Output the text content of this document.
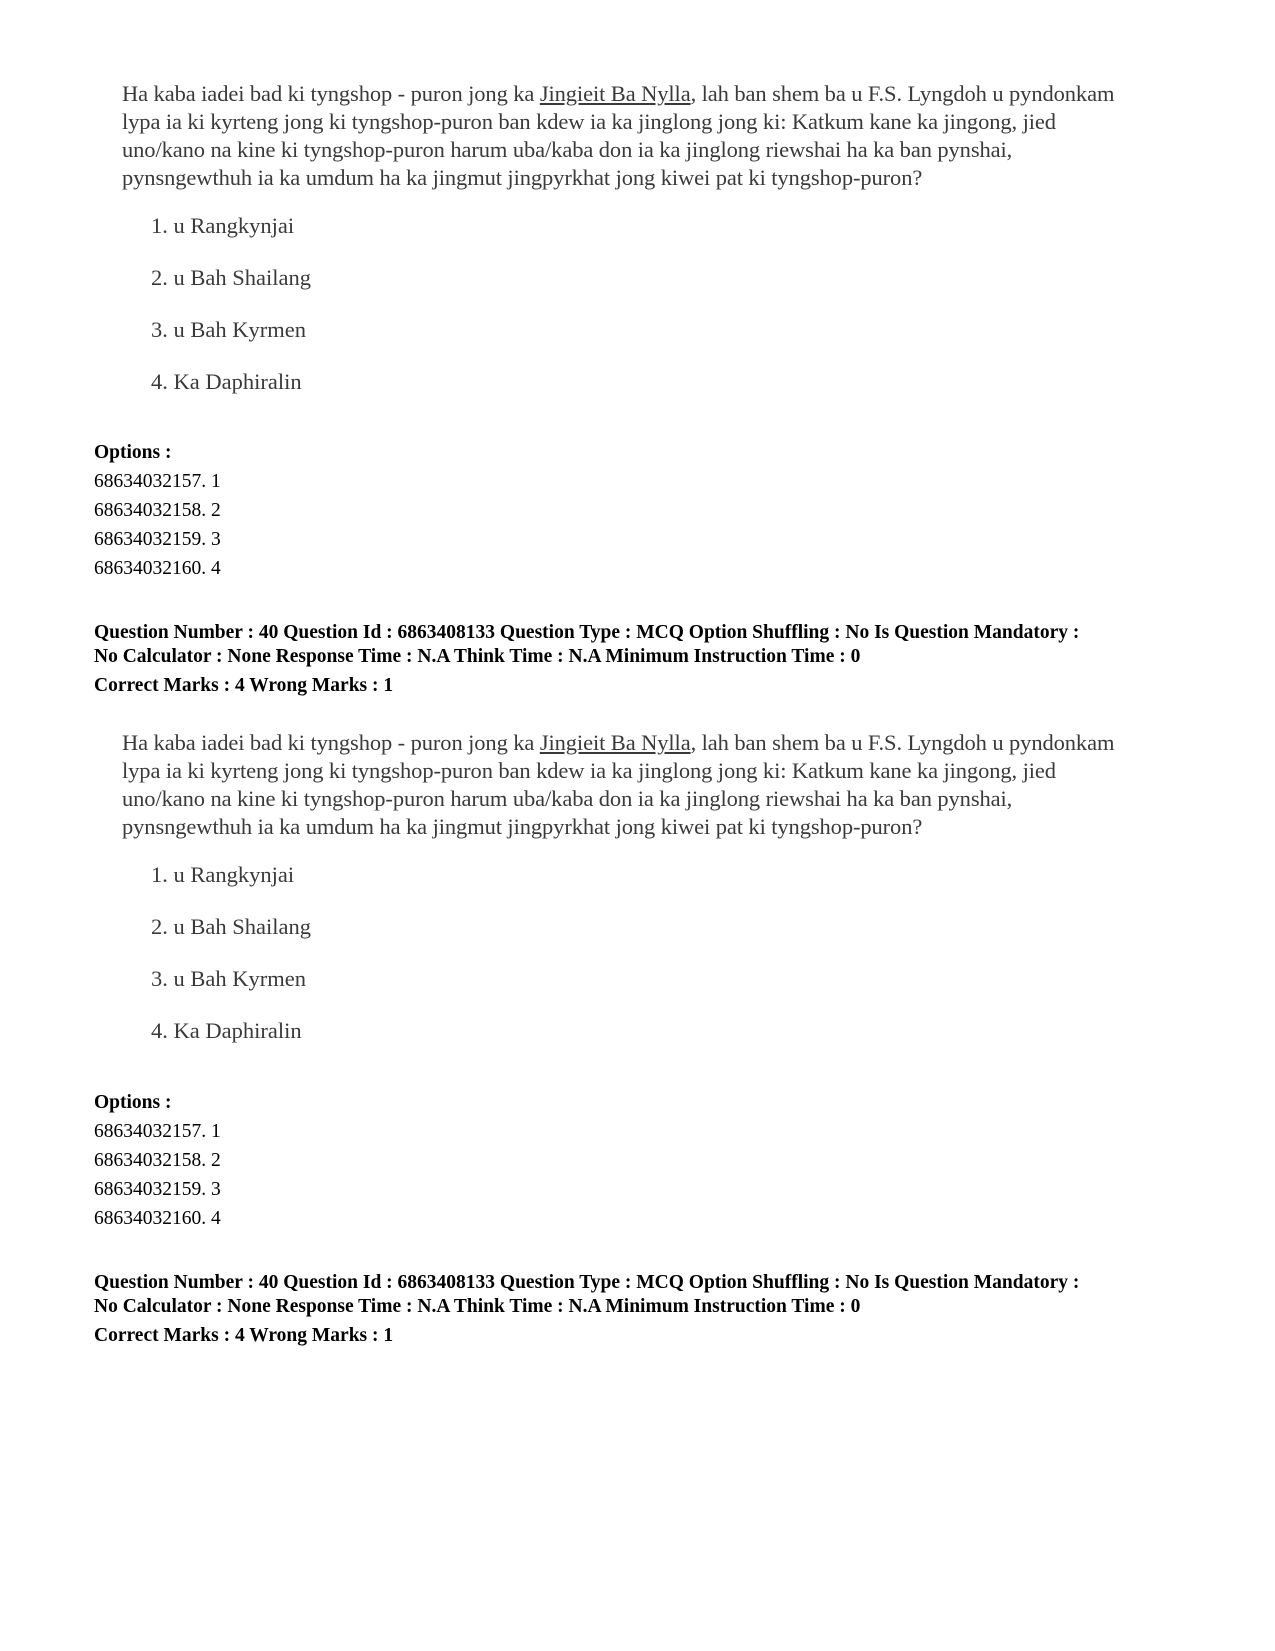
Ha kaba iadei bad ki tyngshop - puron jong ka Jingieit Ba Nylla, lah ban shem ba u F.S. Lyngdoh u pyndonkam lypa ia ki kyrteng jong ki tyngshop-puron ban kdew ia ka jinglong jong ki: Katkum kane ka jingong, jied uno/kano na kine ki tyngshop-puron harum uba/kaba don ia ka jinglong riewshai ha ka ban pynshai, pynsngewthuh ia ka umdum ha ka jingmut jingpyrkhat jong kiwei pat ki tyngshop-puron?

1. u Rangkynjai
2. u Bah Shailang
3. u Bah Kyrmen
4. Ka Daphiralin
Options :
68634032157. 1
68634032158. 2
68634032159. 3
68634032160. 4
Question Number : 40 Question Id : 6863408133 Question Type : MCQ Option Shuffling : No Is Question Mandatory :
No Calculator : None Response Time : N.A Think Time : N.A Minimum Instruction Time : 0
Correct Marks : 4 Wrong Marks : 1

Ha kaba iadei bad ki tyngshop - puron jong ka Jingieit Ba Nylla, lah ban shem ba u F.S. Lyngdoh u pyndonkam lypa ia ki kyrteng jong ki tyngshop-puron ban kdew ia ka jinglong jong ki: Katkum kane ka jingong, jied uno/kano na kine ki tyngshop-puron harum uba/kaba don ia ka jinglong riewshai ha ka ban pynshai, pynsngewthuh ia ka umdum ha ka jingmut jingpyrkhat jong kiwei pat ki tyngshop-puron?

1. u Rangkynjai
2. u Bah Shailang
3. u Bah Kyrmen
4. Ka Daphiralin
Options :
68634032157. 1
68634032158. 2
68634032159. 3
68634032160. 4
Question Number : 40 Question Id : 6863408133 Question Type : MCQ Option Shuffling : No Is Question Mandatory :
No Calculator : None Response Time : N.A Think Time : N.A Minimum Instruction Time : 0
Correct Marks : 4 Wrong Marks : 1
